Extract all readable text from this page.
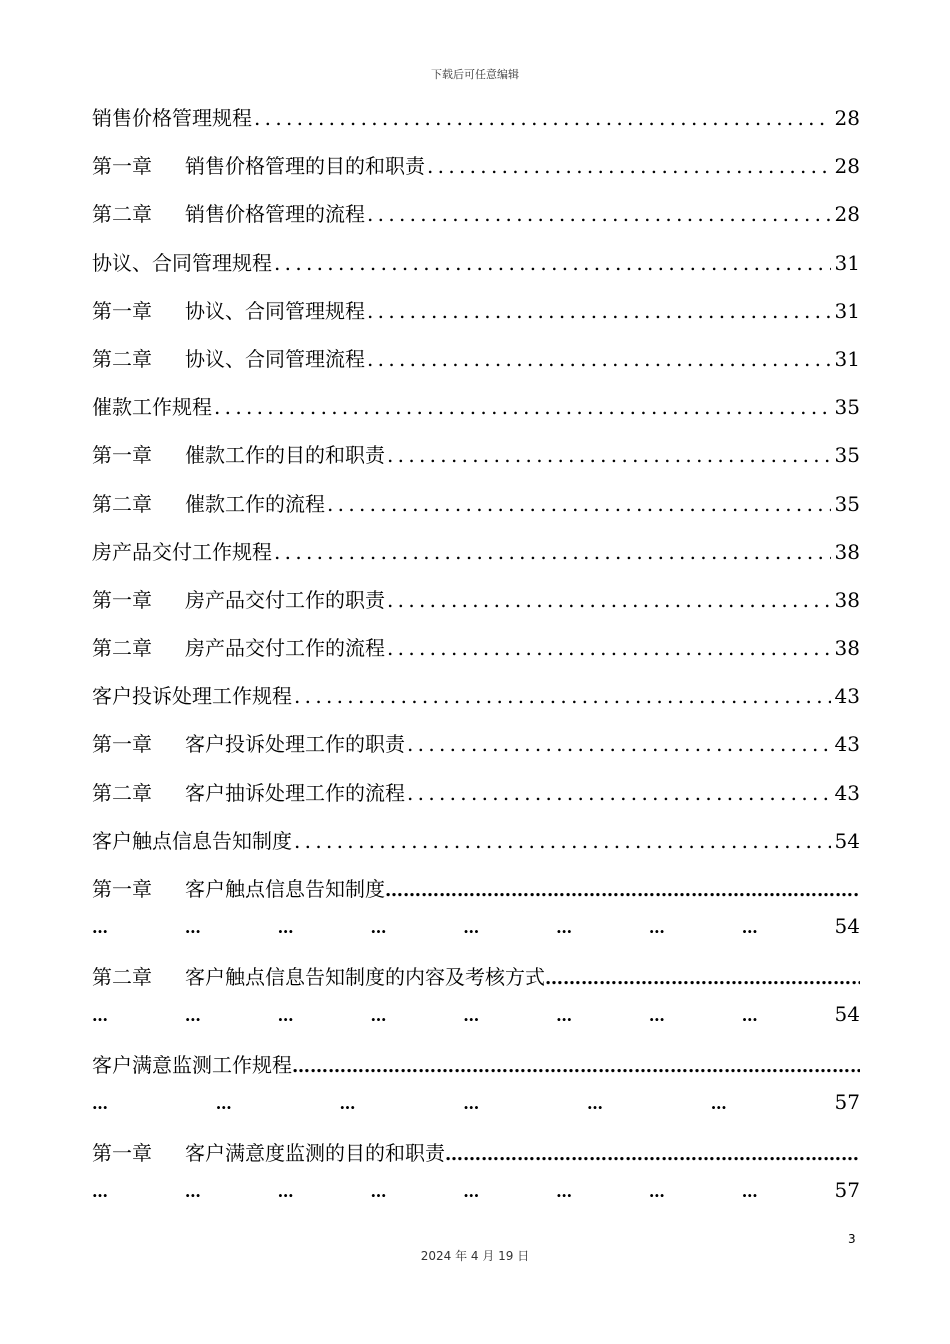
下载后可任意编辑
销售价格管理规程 .....	28
第一章	销售价格管理的目的和职责 .....	28
第二章	销售价格管理的流程 .....	28
协议、合同管理规程 .....	31
第一章	协议、合同管理规程 .....	31
第二章	协议、合同管理流程 .....	31
催款工作规程 .....	35
第一章	催款工作的目的和职责 .....	35
第二章	催款工作的流程 .....	35
房产品交付工作规程 .....	38
第一章	房产品交付工作的职责 .....	38
第二章	房产品交付工作的流程 .....	38
客户投诉处理工作规程 .....	43
第一章	客户投诉处理工作的职责 .....	43
第二章	客户抽诉处理工作的流程 .....	43
客户触点信息告知制度 .....	54
第一章	客户触点信息告知制度
……………………………………………………………………………………………………………………………………………………………
…	…	…	…	…	…	…	…	54
第二章	客户触点信息告知制度的内容及考核方式
……………………………………………………………………………………………………………………………………………………………
…	…	…	…	…	…	…	…	54
客户满意监测工作规程
……………………………………………………………………………………………………………………………………………………………
…	…	…	…	…	…	57
第一章	客户满意度监测的目的和职责
……………………………………………………………………………………………………………………………………………………………
…	…	…	…	…	…	…	…	57
3
2024 年 4 月 19 日
